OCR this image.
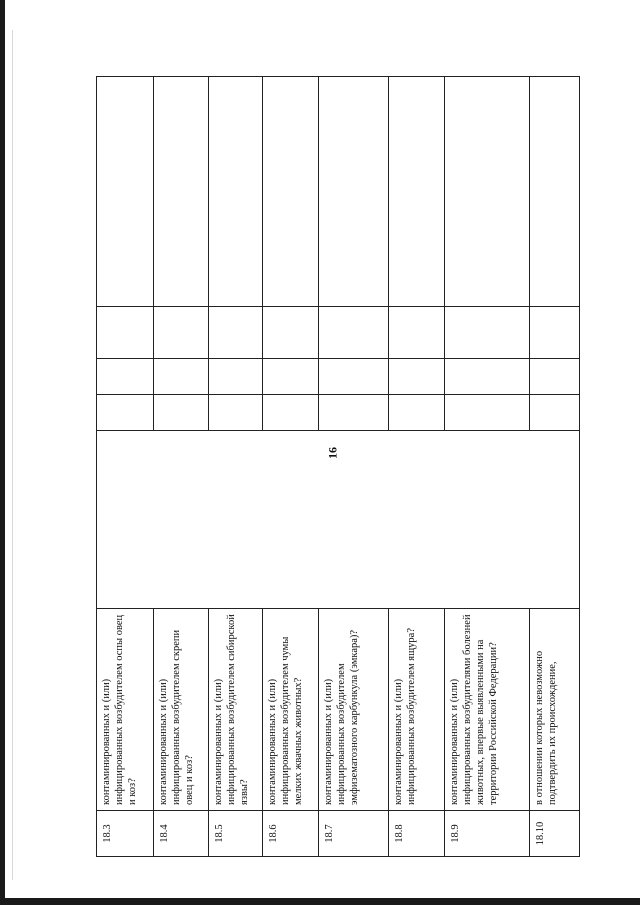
16
18.3	контаминированных и (или) инфицированных возбудителем оспы овец и коз?					
18.4	контаминированных и (или) инфицированных возбудителем скрепи овец и коз?					
18.5	контаминированных и (или) инфицированных возбудителем сибирской язвы?					
18.6	контаминированных и (или) инфицированных возбудителем чумы мелких жвачных животных?					
18.7	контаминированных и (или) инфицированных возбудителем эмфизематозного карбункула (эмкара)?					
18.8	контаминированных и (или) инфицированных возбудителем ящура?					
18.9	контаминированных и (или) инфицированных возбудителями болезней животных, впервые выявленными на территории Российской Федерации?					
18.10	в отношении которых невозможно подтвердить их происхождение,					
